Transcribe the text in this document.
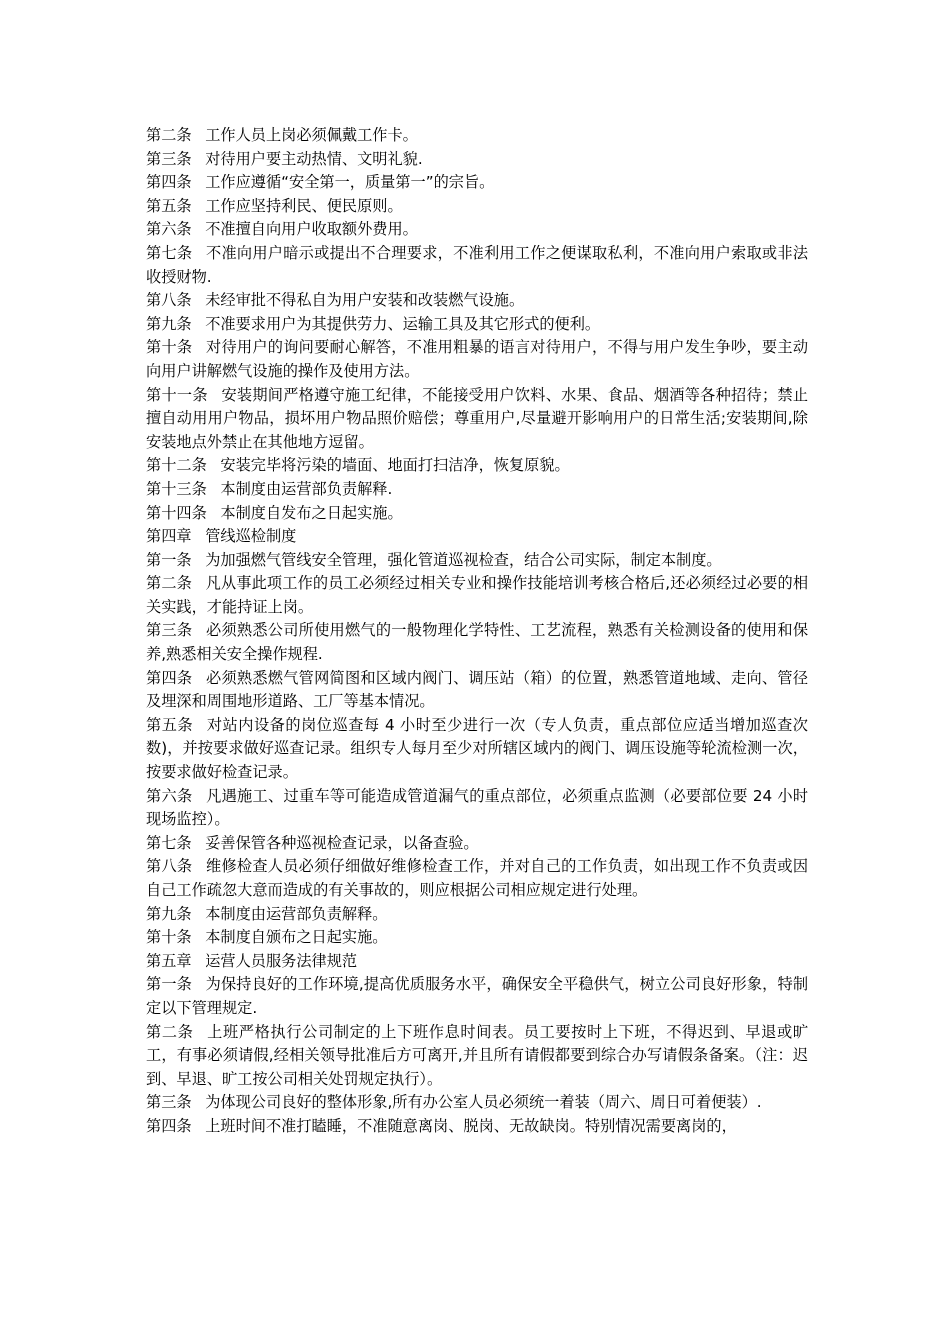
第二条 工作人员上岗必须佩戴工作卡。

第三条 对待用户要主动热情、文明礼貌.

第四条 工作应遵循“安全第一，质量第一”的宗旨。

第五条 工作应坚持利民、便民原则。

第六条 不准擅自向用户收取额外费用。

第七条 不准向用户暗示或提出不合理要求，不准利用工作之便谋取私利，不准向用户索取或非法收授财物.

第八条 未经审批不得私自为用户安装和改装燃气设施。

第九条 不准要求用户为其提供劳力、运输工具及其它形式的便利。

第十条 对待用户的询问要耐心解答，不准用粗暴的语言对待用户，不得与用户发生争吵，要主动向用户讲解燃气设施的操作及使用方法。

第十一条 安装期间严格遵守施工纪律，不能接受用户饮料、水果、食品、烟酒等各种招待；禁止擅自动用用户物品，损坏用户物品照价赔偿；尊重用户,尽量避开影响用户的日常生活;安装期间,除安装地点外禁止在其他地方逗留。

第十二条 安装完毕将污染的墙面、地面打扫洁净，恢复原貌。

第十三条 本制度由运营部负责解释.

第十四条 本制度自发布之日起实施。

第四章 管线巡检制度

第一条 为加强燃气管线安全管理，强化管道巡视检查，结合公司实际，制定本制度。

第二条 凡从事此项工作的员工必须经过相关专业和操作技能培训考核合格后,还必须经过必要的相关实践，才能持证上岗。

第三条 必须熟悉公司所使用燃气的一般物理化学特性、工艺流程，熟悉有关检测设备的使用和保养,熟悉相关安全操作规程.

第四条 必须熟悉燃气管网简图和区域内阀门、调压站（箱）的位置，熟悉管道地域、走向、管径及埋深和周围地形道路、工厂等基本情况。

第五条 对站内设备的岗位巡查每 4 小时至少进行一次（专人负责，重点部位应适当增加巡查次数)，并按要求做好巡查记录。组织专人每月至少对所辖区域内的阀门、调压设施等轮流检测一次，按要求做好检查记录。

第六条 凡遇施工、过重车等可能造成管道漏气的重点部位，必须重点监测（必要部位要 24 小时现场监控）。

第七条 妥善保管各种巡视检查记录，以备查验。

第八条 维修检查人员必须仔细做好维修检查工作，并对自己的工作负责，如出现工作不负责或因自己工作疏忽大意而造成的有关事故的，则应根据公司相应规定进行处理。

第九条 本制度由运营部负责解释。

第十条 本制度自颁布之日起实施。

第五章 运营人员服务法律规范

第一条 为保持良好的工作环境,提高优质服务水平，确保安全平稳供气，树立公司良好形象，特制定以下管理规定.

第二条 上班严格执行公司制定的上下班作息时间表。员工要按时上下班，不得迟到、早退或旷工，有事必须请假,经相关领导批准后方可离开,并且所有请假都要到综合办写请假条备案。（注：迟到、早退、旷工按公司相关处罚规定执行）。

第三条 为体现公司良好的整体形象,所有办公室人员必须统一着装（周六、周日可着便装）.

第四条 上班时间不准打瞌睡，不准随意离岗、脱岗、无故缺岗。特别情况需要离岗的，
